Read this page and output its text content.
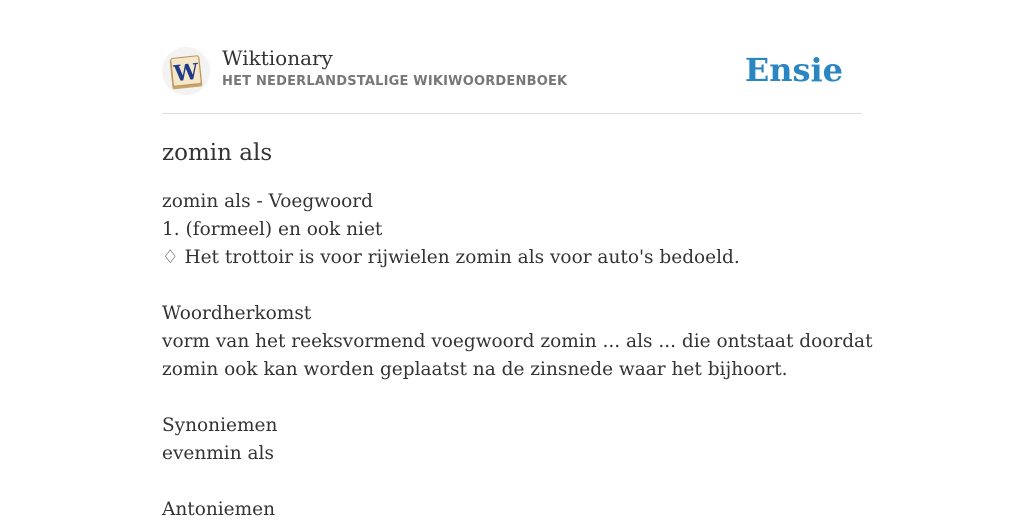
W
Wiktionary
HET NEDERLANDSTALIGE WIKIWOORDENBOEK	Ensie
zomin als
zomin als - Voegwoord
1. (formeel) en ook niet
♢ Het trottoir is voor rijwielen zomin als voor auto's bedoeld.
Woordherkomst
vorm van het reeksvormend voegwoord zomin ... als ... die ontstaat doordat
zomin ook kan worden geplaatst na de zinsnede waar het bijhoort.
Synoniemen
evenmin als
Antoniemen
